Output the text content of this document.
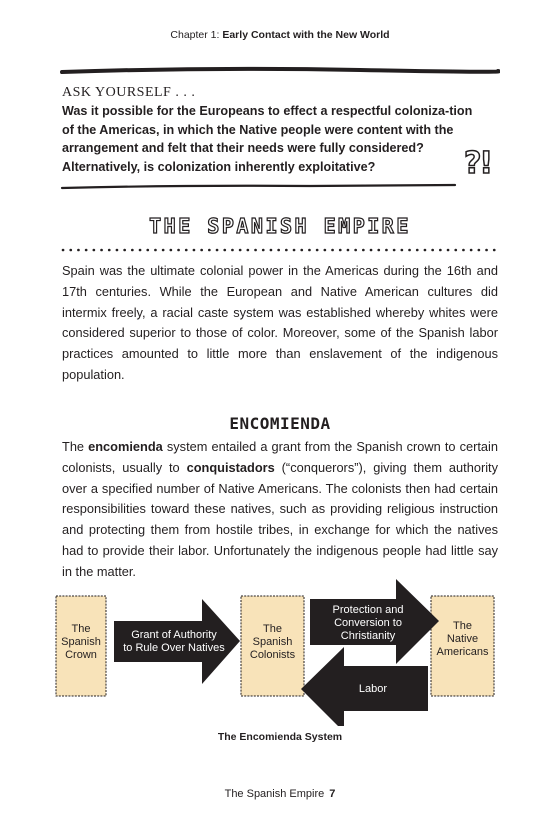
Chapter 1: Early Contact with the New World
ASK YOURSELF . . .
Was it possible for the Europeans to effect a respectful coloniza-tion of the Americas, in which the Native people were content with the arrangement and felt that their needs were fully considered? Alternatively, is colonization inherently exploitative?	?!
THE SPANISH EMPIRE
Spain was the ultimate colonial power in the Americas during the 16th and 17th centuries. While the European and Native American cultures did intermix freely, a racial caste system was established whereby whites were considered superior to those of color. Moreover, some of the Spanish labor practices amounted to little more than enslavement of the indigenous population.
ENCOMIENDA
The encomienda system entailed a grant from the Spanish crown to certain colonists, usually to conquistadors (“conquerors”), giving them authority over a specified number of Native Americans. The colonists then had certain responsibilities toward these natives, such as providing religious instruction and protecting them from hostile tribes, in exchange for which the natives had to provide their labor. Unfortunately the indigenous people had little say in the matter.
The
Spanish
Crown
The
Spanish
Colonists
The
Native
Americans
Grant of Authority
to Rule Over Natives
Protection and
Conversion to
Christianity
Labor
The Encomienda System
The Spanish Empire 7
